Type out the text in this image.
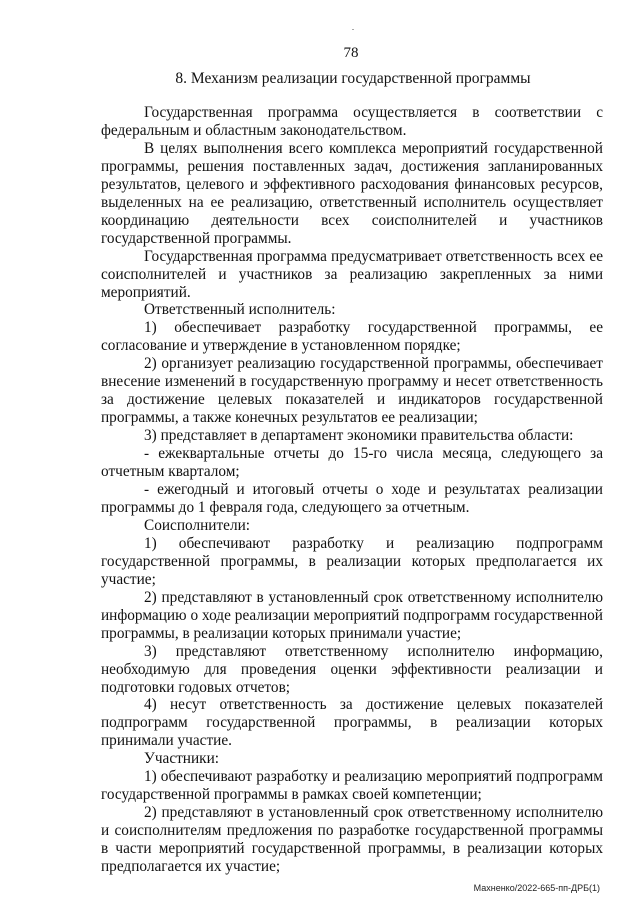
.
78
8. Механизм реализации государственной программы

Государственная программа осуществляется в соответствии с федеральным и областным законодательством.

В целях выполнения всего комплекса мероприятий государственной программы, решения поставленных задач, достижения запланированных результатов, целевого и эффективного расходования финансовых ресурсов, выделенных на ее реализацию, ответственный исполнитель осуществляет координацию деятельности всех соисполнителей и участников государственной программы.

Государственная программа предусматривает ответственность всех ее соисполнителей и участников за реализацию закрепленных за ними мероприятий.

Ответственный исполнитель:

1) обеспечивает разработку государственной программы, ее согласование и утверждение в установленном порядке;

2) организует реализацию государственной программы, обеспечивает внесение изменений в государственную программу и несет ответственность за достижение целевых показателей и индикаторов государственной программы, а также конечных результатов ее реализации;

3) представляет в департамент экономики правительства области:

- ежеквартальные отчеты до 15-го числа месяца, следующего за отчетным кварталом;

- ежегодный и итоговый отчеты о ходе и результатах реализации программы до 1 февраля года, следующего за отчетным.

Соисполнители:

1) обеспечивают разработку и реализацию подпрограмм государственной программы, в реализации которых предполагается их участие;

2) представляют в установленный срок ответственному исполнителю информацию о ходе реализации мероприятий подпрограмм государственной программы, в реализации которых принимали участие;

3) представляют ответственному исполнителю информацию, необходимую для проведения оценки эффективности реализации и подготовки годовых отчетов;

4) несут ответственность за достижение целевых показателей подпрограмм государственной программы, в реализации которых принимали участие.

Участники:

1) обеспечивают разработку и реализацию мероприятий подпрограмм государственной программы в рамках своей компетенции;

2) представляют в установленный срок ответственному исполнителю и соисполнителям предложения по разработке государственной программы в части мероприятий государственной программы, в реализации которых предполагается их участие;

Махненко/2022-665-пп-ДРБ(1)
